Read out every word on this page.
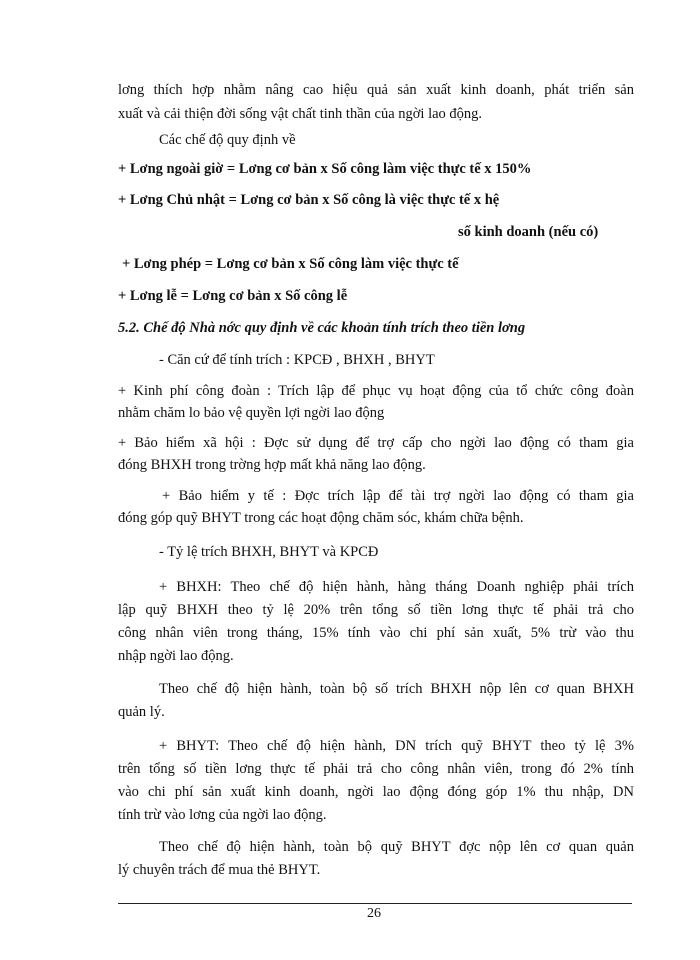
lơng thích hợp nhằm nâng cao hiệu quả sản xuất kinh doanh, phát triển sản
xuất và cải thiện đời sống vật chất tinh thần của ngời lao động.
Các chế độ quy định về
+ Lơng ngoài giờ = Lơng cơ bản x Số công làm việc thực tế x 150%
+ Lơng Chủ nhật = Lơng cơ bản x Số công là việc thực tế x hệ
số kinh doanh (nếu có)
+ Lơng phép = Lơng cơ bản x Số công làm việc thực tế
+ Lơng lễ = Lơng cơ bản x Số công lễ
5.2. Chế độ Nhà nớc quy định về các khoản tính trích theo tiền lơng
- Căn cứ để tính trích : KPCĐ , BHXH , BHYT
+ Kinh phí công đoàn : Trích lập để phục vụ hoạt động của tổ chức công đoàn
nhằm chăm lo bảo vệ quyền lợi ngời lao động
+ Bảo hiểm xã hội : Đợc sử dụng để trợ cấp cho ngời lao động có tham gia
đóng BHXH trong trờng hợp mất khả năng lao động.
+ Bảo hiểm y tế : Đợc trích lập để tài trợ ngời lao động có tham gia
đóng góp quỹ BHYT trong các hoạt động chăm sóc, khám chữa bệnh.
- Tỷ lệ trích BHXH, BHYT và KPCĐ
+ BHXH: Theo chế độ hiện hành, hàng tháng Doanh nghiệp phải trích
lập quỹ BHXH theo tỷ lệ 20% trên tổng số tiền lơng thực tế phải trả cho
công nhân viên trong tháng, 15% tính vào chi phí sản xuất, 5% trừ vào thu
nhập ngời lao động.
Theo chế độ hiện hành, toàn bộ số trích BHXH nộp lên cơ quan BHXH
quản lý.
+ BHYT: Theo chế độ hiện hành, DN trích quỹ BHYT theo tỷ lệ 3%
trên tổng số tiền lơng thực tế phải trả cho công nhân viên, trong đó 2% tính
vào chi phí sản xuất kinh doanh, ngời lao động đóng góp 1% thu nhập, DN
tính trừ vào lơng của ngời lao động.
Theo chế độ hiện hành, toàn bộ quỹ BHYT đợc nộp lên cơ quan quản
lý chuyên trách để mua thẻ BHYT.
26
